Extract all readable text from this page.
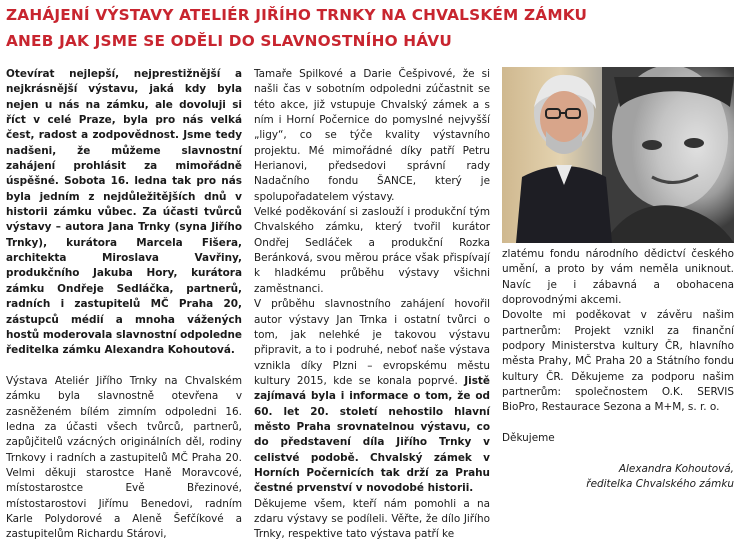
ZAHÁJENÍ VÝSTAVY ATELIÉR JIŘÍHO TRNKY NA CHVALSKÉM ZÁMKU
ANEB JAK JSME SE ODĚLI DO SLAVNOSTNÍHO HÁVU

Otevírat nejlepší, nejprestižnější a nejkrásnější výstavu, jaká kdy byla nejen u nás na zámku, ale dovoluji si říct v celé Praze, byla pro nás velká čest, radost a zodpovědnost. Jsme tedy nadšeni, že můžeme slavnostní zahájení prohlásit za mimořádně úspěšné. Sobota 16. ledna tak pro nás byla jedním z nejdůležitějších dnů v historii zámku vůbec. Za účasti tvůrců výstavy – autora Jana Trnky (syna Jiřího Trnky), kurátora Marcela Fišera, architekta Miroslava Vavřiny, produkčního Jakuba Hory, kurátora zámku Ondřeje Sedláčka, partnerů, radních i zastupitelů MČ Praha 20, zástupců médií a mnoha vážených hostů moderovala slavnostní odpoledne ředitelka zámku Alexandra Kohoutová.

Výstava Ateliér Jiřího Trnky na Chvalském zámku byla slavnostně otevřena v zasněženém bílém zimním odpoledni 16. ledna za účasti všech tvůrců, partnerů, zapůjčitelů vzácných originálních děl, rodiny Trnkovy i radních a zastupitelů MČ Praha 20. Velmi děkuji starostce Haně Moravcové, místostarostce Evě Březinové, místostarostovi Jiřímu Benedovi, radním Karle Polydorové a Aleně Šefčíkové a zastupitelům Richardu Stárovi,

Tamaře Spilkové a Darie Češpivové, že si našli čas v sobotním odpoledni zúčastnit se této akce, již vstupuje Chvalský zámek a s ním i Horní Počernice do pomyslné nejvyšší „ligy“, co se týče kvality výstavního projektu. Mé mimořádné díky patří Petru Herianovi, předsedovi správní rady Nadačního fondu ŠANCE, který je spolupořadatelem výstavy.

Velké poděkování si zaslouží i produkční tým Chvalského zámku, který tvořil kurátor Ondřej Sedláček a produkční Rozka Beránková, svou měrou práce však přispívají k hladkému průběhu výstavy všichni zaměstnanci.

V průběhu slavnostního zahájení hovořil autor výstavy Jan Trnka i ostatní tvůrci o tom, jak nelehké je takovou výstavu připravit, a to i podruhé, neboť naše výstava vznikla díky Plzni – evropskému městu kultury 2015, kde se konala poprvé. Jistě zajímavá byla i informace o tom, že od 60. let 20. století nehostilo hlavní město Praha srovnatelnou výstavu, co do představení díla Jiřího Trnky v celistvé podobě. Chvalský zámek v Horních Počernicích tak drží za Prahu čestné prvenství v novodobé historii.

Děkujeme všem, kteří nám pomohli a na zdaru výstavy se podíleli. Věřte, že dílo Jiřího Trnky, respektive tato výstava patří ke

zlatému fondu národního dědictví českého umění, a proto by vám neměla uniknout. Navíc je i zábavná a obohacena doprovodnými akcemi.

Dovolte mi poděkovat v závěru našim partnerům: Projekt vznikl za finanční podpory Ministerstva kultury ČR, hlavního města Prahy, MČ Praha 20 a Státního fondu kultury ČR. Děkujeme za podporu našim partnerům: společnostem O.K. SERVIS BioPro, Restaurace Sezona a M+M, s. r. o.

Děkujeme

Alexandra Kohoutová,

ředitelka Chvalského zámku
